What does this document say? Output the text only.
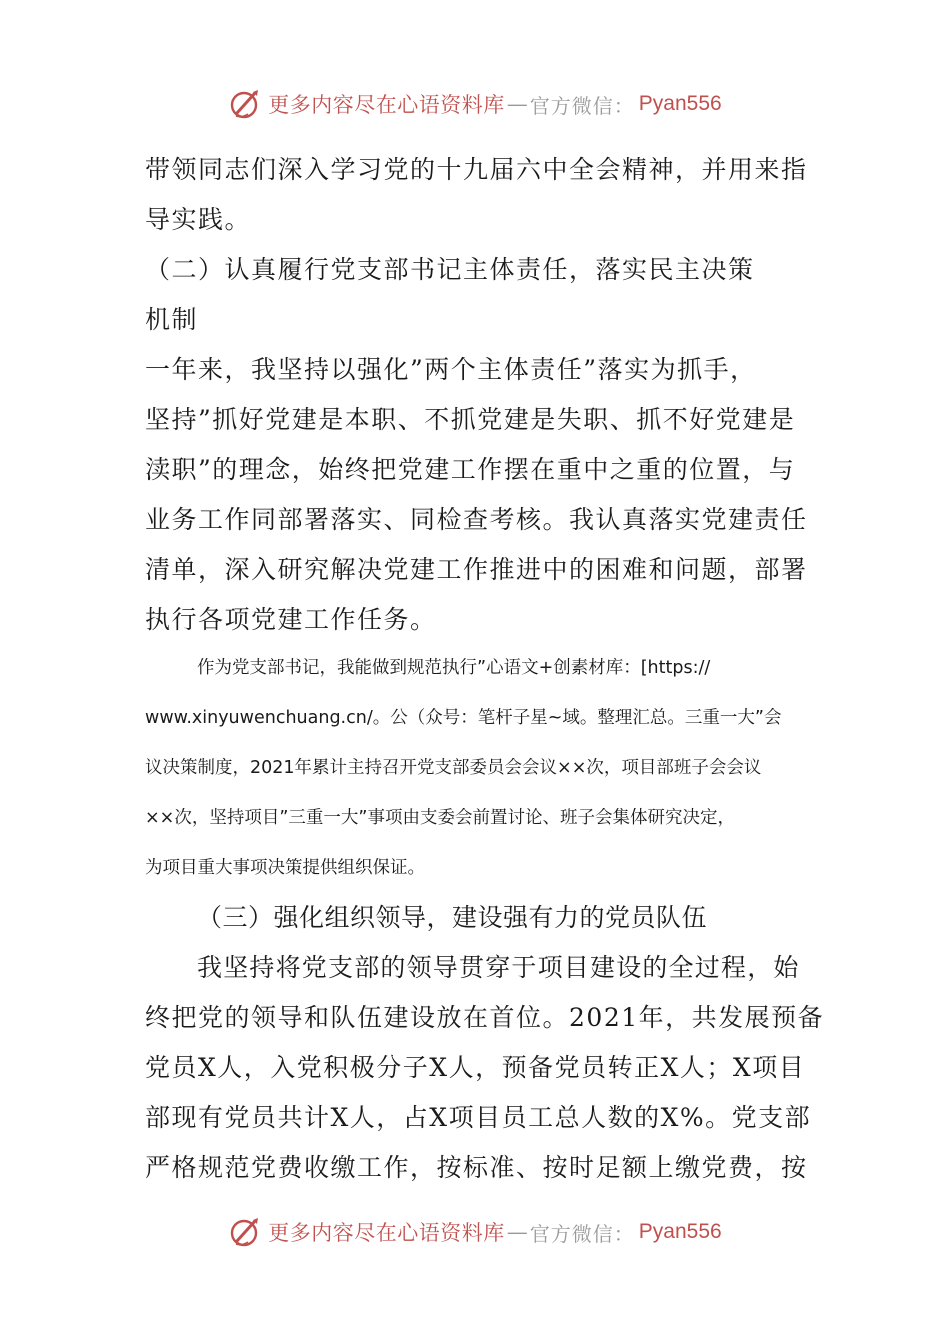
更多内容尽在心语资料库 — 官方微信： Pyan556
带领同志们深入学习党的十九届六中全会精神，并用来指
导实践。
（二）认真履行党支部书记主体责任，落实民主决策
机制
一年来，我坚持以强化”两个主体责任”落实为抓手，
坚持”抓好党建是本职、不抓党建是失职、抓不好党建是
渎职”的理念，始终把党建工作摆在重中之重的位置，与
业务工作同部署落实、同检查考核。我认真落实党建责任
清单，深入研究解决党建工作推进中的困难和问题，部署
执行各项党建工作任务。
作为党支部书记，我能做到规范执行”心语文+创素材库：[https://
www.xinyuwenchuang.cn/。公（众号：笔杆子星~域。整理汇总。三重一大”会
议决策制度，2021年累计主持召开党支部委员会会议××次，项目部班子会会议
××次，坚持项目”三重一大”事项由支委会前置讨论、班子会集体研究决定，
为项目重大事项决策提供组织保证。
（三）强化组织领导，建设强有力的党员队伍
我坚持将党支部的领导贯穿于项目建设的全过程，始
终把党的领导和队伍建设放在首位。2021年，共发展预备
党员X人，入党积极分子X人，预备党员转正X人；X项目
部现有党员共计X人，占X项目员工总人数的X%。党支部
严格规范党费收缴工作，按标准、按时足额上缴党费，按
更多内容尽在心语资料库 — 官方微信： Pyan556
